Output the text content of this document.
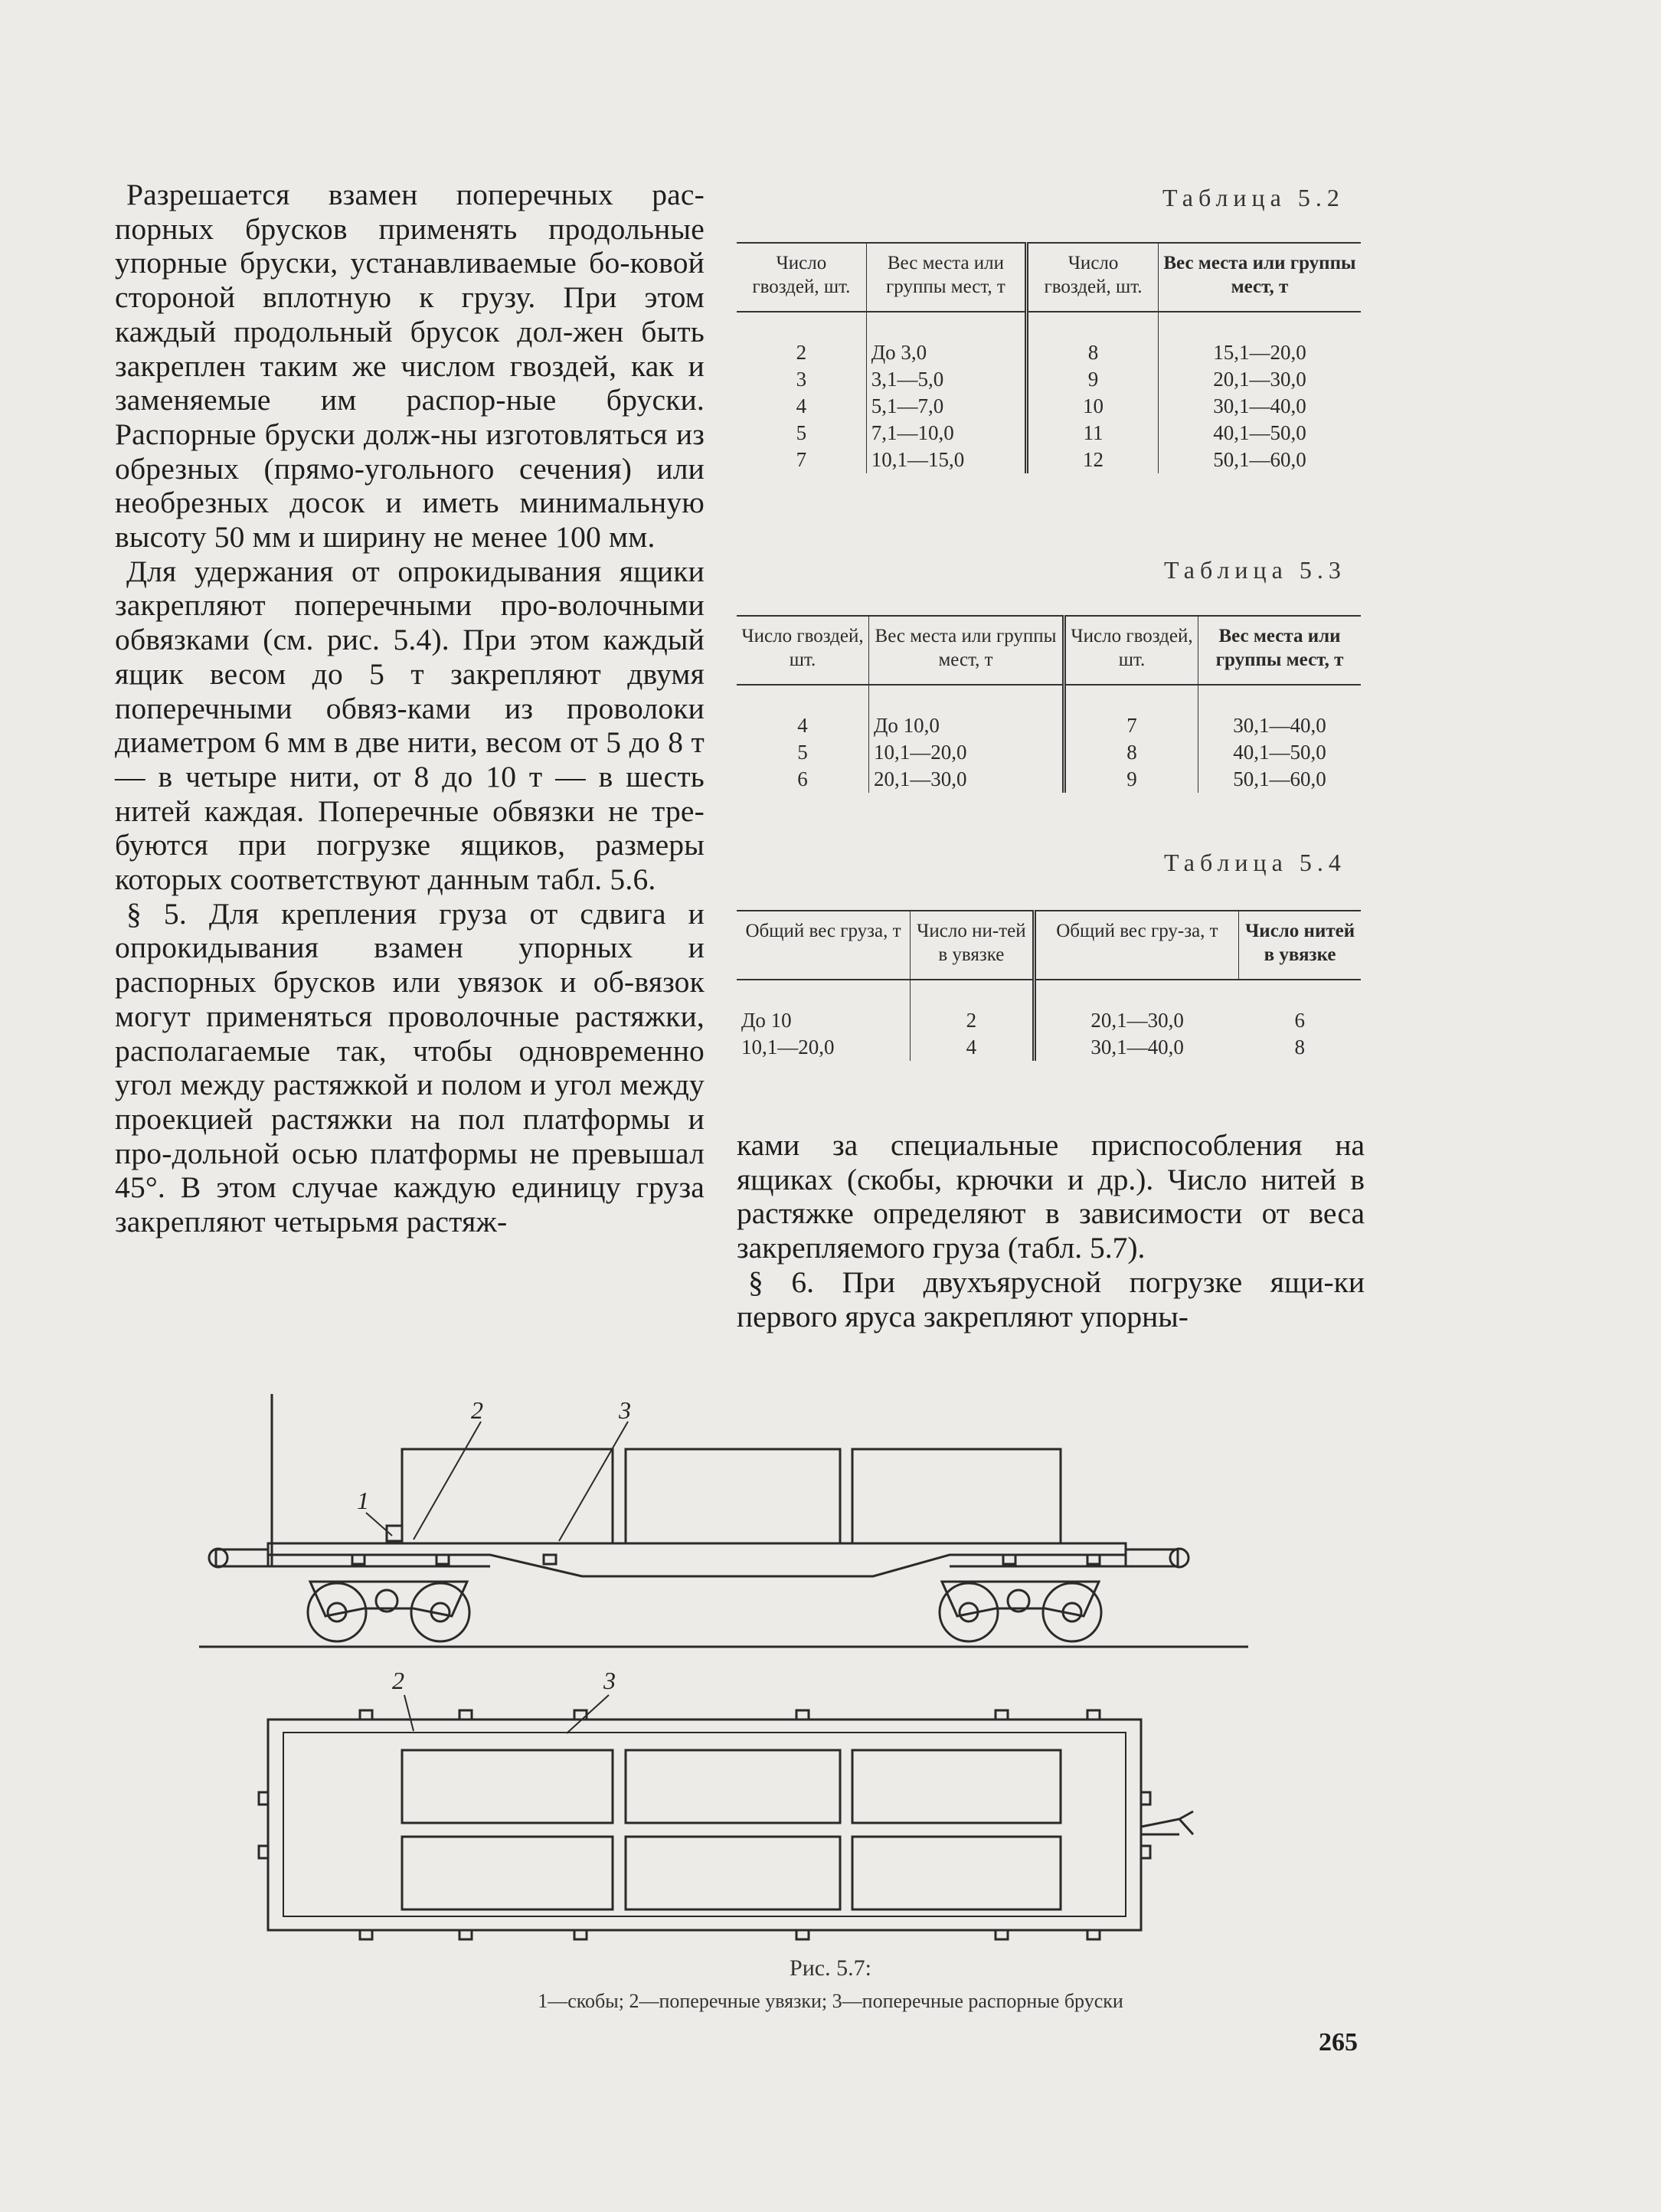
Разрешается взамен поперечных рас-порных брусков применять продольные упорные бруски, устанавливаемые бо-ковой стороной вплотную к грузу. При этом каждый продольный брусок дол-жен быть закреплен таким же числом гвоздей, как и заменяемые им распор-ные бруски. Распорные бруски долж-ны изготовляться из обрезных (прямо-угольного сечения) или необрезных досок и иметь минимальную высоту 50 мм и ширину не менее 100 мм.

Для удержания от опрокидывания ящики закрепляют поперечными про-волочными обвязками (см. рис. 5.4). При этом каждый ящик весом до 5 т закрепляют двумя поперечными обвяз-ками из проволоки диаметром 6 мм в две нити, весом от 5 до 8 т — в четыре нити, от 8 до 10 т — в шесть нитей каждая. Поперечные обвязки не тре-буются при погрузке ящиков, размеры которых соответствуют данным табл. 5.6.

§ 5. Для крепления груза от сдвига и опрокидывания взамен упорных и распорных брусков или увязок и об-вязок могут применяться проволочные растяжки, располагаемые так, чтобы одновременно угол между растяжкой и полом и угол между проекцией растяжки на пол платформы и про-дольной осью платформы не превышал 45°. В этом случае каждую единицу груза закрепляют четырьмя растяж-

Таблица 5.2
Число гвоздей, шт.	Вес места или группы мест, т	Число гвоздей, шт.	Вес места или группы мест, т
2	До 3,0	8	15,1—20,0
3	3,1—5,0	9	20,1—30,0
4	5,1—7,0	10	30,1—40,0
5	7,1—10,0	11	40,1—50,0
7	10,1—15,0	12	50,1—60,0
Таблица 5.3
Число гвоздей, шт.	Вес места или группы мест, т	Число гвоздей, шт.	Вес места или группы мест, т
4	До 10,0	7	30,1—40,0
5	10,1—20,0	8	40,1—50,0
6	20,1—30,0	9	50,1—60,0
Таблица 5.4
Общий вес груза, т	Число ни-тей в увязке	Общий вес гру-за, т	Число нитей в увязке
До 10	2	20,1—30,0	6
10,1—20,0	4	30,1—40,0	8

ками за специальные приспособления на ящиках (скобы, крючки и др.). Число нитей в растяжке определяют в зависимости от веса закрепляемого груза (табл. 5.7).

§ 6. При двухъярусной погрузке ящи-ки первого яруса закрепляют упорны-

1
2	3
2	3
Рис. 5.7:
1—скобы; 2—поперечные увязки; 3—поперечные распорные бруски
265
